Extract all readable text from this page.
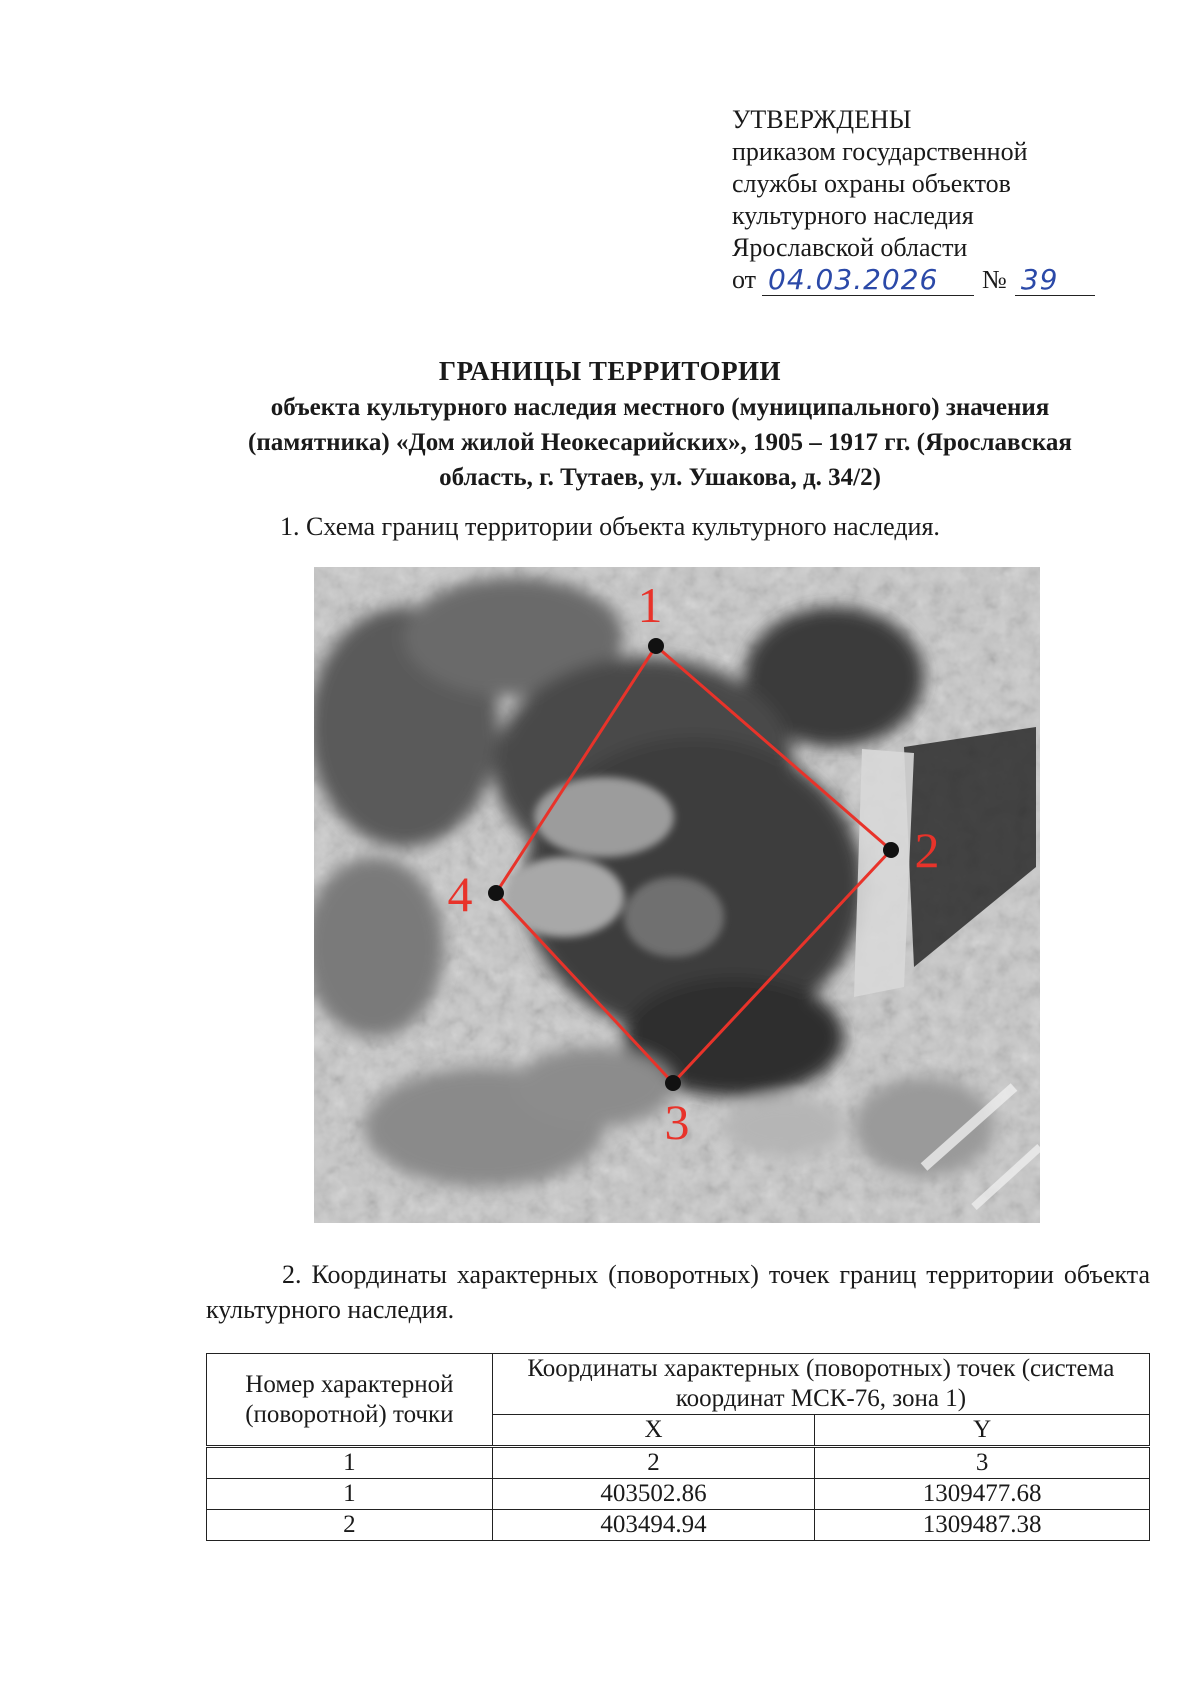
УТВЕРЖДЕНЫ
приказом государственной
службы охраны объектов
культурного наследия
Ярославской области
от 04.03.2026	№ 39
ГРАНИЦЫ ТЕРРИТОРИИ
объекта культурного наследия местного (муниципального) значения
(памятника) «Дом жилой Неокесарийских», 1905 – 1917 гг. (Ярославская
область, г. Тутаев, ул. Ушакова, д. 34/2)
1. Схема границ территории объекта культурного наследия.
1
2
3
4
2. Координаты характерных (поворотных) точек границ территории объекта культурного наследия.
Номер характерной (поворотной) точки	Координаты характерных (поворотных) точек (система координат МСК-76, зона 1)	
	X	Y
1	2	3
1	403502.86	1309477.68
2	403494.94	1309487.38
